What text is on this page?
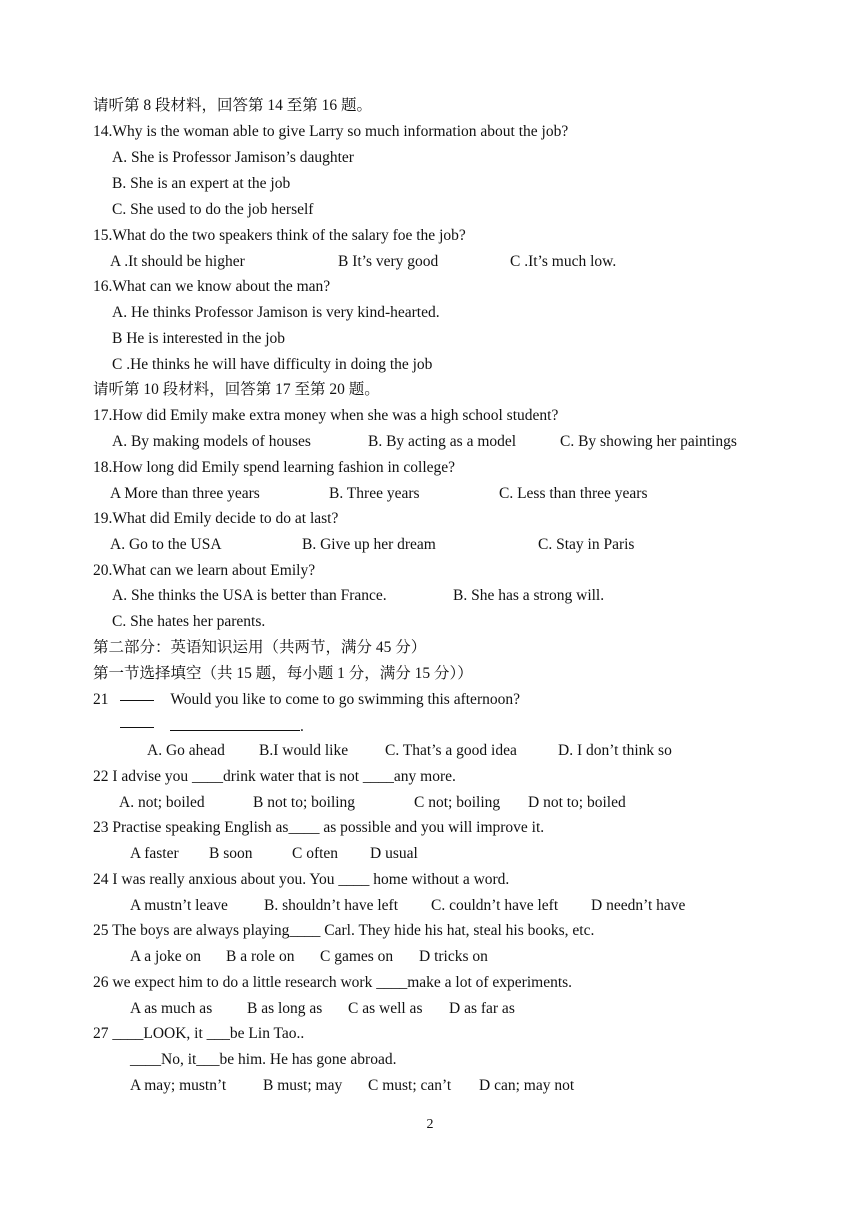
请听第 8 段材料，回答第 14 至第 16 题。
14.Why is the woman able to give Larry so much information about the job?
A. She is Professor Jamison’s daughter
B. She is an expert at the job
C. She used to do the job herself
15.What do the two speakers think of the salary foe the job?
A .It should be higher	B It’s very good	C .It’s much low.
16.What can we know about the man?
A. He thinks Professor Jamison is very kind-hearted.
B He is interested in the job
C .He thinks he will have difficulty in doing the job
请听第 10 段材料，回答第 17 至第 20 题。
17.How did Emily make extra money when she was a high school student?
A. By making models of houses	B. By acting as a model	C. By showing her paintings
18.How long did Emily spend learning fashion in college?
A More than three years	B. Three years	C. Less than three years
19.What did Emily decide to do at last?
A. Go to the USA	B. Give up her dream	C. Stay in Paris
20.What can we learn about Emily?
A. She thinks the USA is better than France.	B. She has a strong will.
C. She hates her parents.
第二部分：英语知识运用（共两节，满分 45 分）
第一节选择填空（共 15 题，每小题 1 分，满分 15 分））
21	Would you like to come to go swimming this afternoon?
.
A. Go ahead B.I would like C. That’s a good idea	D. I don’t think so
22 I advise you ____drink water that is not ____any more.
A. not; boiled	B not to; boiling	C not; boiling D not to; boiled
23 Practise speaking English as____ as possible and you will improve it.
A faster B soon	C often D usual
24 I was really anxious about you. You ____ home without a word.
A mustn’t leave B. shouldn’t have left C. couldn’t have left D needn’t have
25 The boys are always playing____ Carl. They hide his hat, steal his books, etc.
A a joke on B a role on C games on D tricks on
26 we expect him to do a little research work ____make a lot of experiments.
A as much as B as long as C as well as D as far as
27 ____LOOK, it ___be Lin Tao..
____No, it___be him. He has gone abroad.
A may; mustn’t B must; may C must; can’t D can; may not
2
